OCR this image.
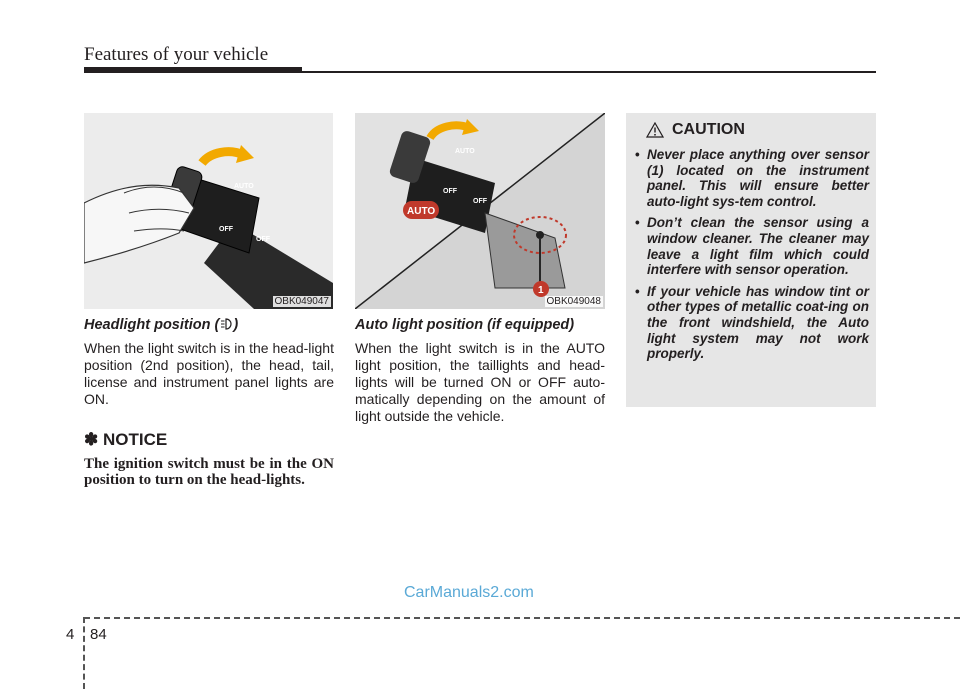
Features of your vehicle
AUTO
OFF
OFF
OBK049047
AUTO
1
AUTO
OFF
OFF
OBK049048
Headlight position ( )

When the light switch is in the head-light position (2nd position), the head, tail, license and instrument panel lights are ON.

✽ NOTICE

The ignition switch must be in the ON position to turn on the head-lights.

Auto light position (if equipped)

When the light switch is in the AUTO light position, the taillights and head-lights will be turned ON or OFF auto-matically depending on the amount of light outside the vehicle.

CAUTION
• Never place anything over sensor (1) located on the instrument panel. This will ensure better auto-light sys-tem control.
• Don’t clean the sensor using a window cleaner. The cleaner may leave a light film which could interfere with sensor operation.
• If your vehicle has window tint or other types of metallic coat-ing on the front windshield, the Auto light system may not work properly.
CarManuals2.com
4 84
